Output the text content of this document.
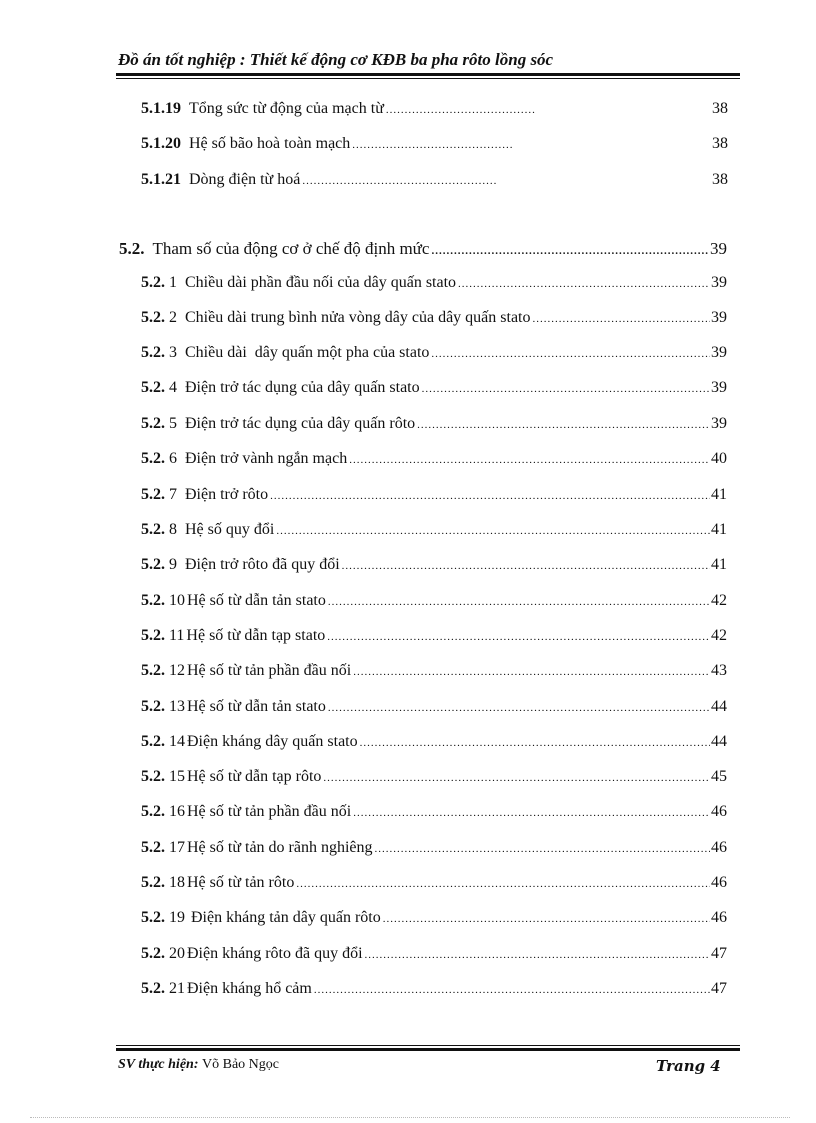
Đồ án tốt nghiệp : Thiết kế động cơ KĐB ba pha rôto lồng sóc
5.1.19 Tổng sức từ động của mạch từ .....	38
5.1.20 Hệ số bão hoà toàn mạch .....	38
5.1.21 Dòng điện từ hoá .....	38
5.2. Tham số của động cơ ở chế độ định mức .....	39
5.2. 1 Chiều dài phần đầu nối của dây quấn stato .....	39
5.2. 2 Chiều dài trung bình nửa vòng dây của dây quấn stato .....	39
5.2. 3 Chiều dài  dây quấn một pha của stato .....	39
5.2. 4 Điện trở tác dụng của dây quấn stato .....	39
5.2. 5 Điện trở tác dụng của dây quấn rôto .....	39
5.2. 6 Điện trở vành ngắn mạch .....	40
5.2. 7 Điện trở rôto .....	41
5.2. 8 Hệ số quy đổi .....	41
5.2. 9 Điện trở rôto đã quy đổi .....	41
5.2. 10 Hệ số từ dẫn tản stato .....	42
5.2. 11 Hệ số từ dẫn tạp stato .....	42
5.2. 12 Hệ số từ tản phần đầu nối .....	43
5.2. 13 Hệ số từ dẫn tản stato .....	44
5.2. 14 Điện kháng dây quấn stato .....	44
5.2. 15 Hệ số từ dẫn tạp rôto .....	45
5.2. 16 Hệ số từ tản phần đầu nối .....	46
5.2. 17 Hệ số từ tản do rãnh nghiêng .....	46
5.2. 18 Hệ số từ tản rôto .....	46
5.2. 19 Điện kháng tản dây quấn rôto .....	46
5.2. 20 Điện kháng rôto đã quy đổi .....	47
5.2. 21 Điện kháng hổ cảm .....	47
SV thực hiện: Võ Bảo Ngọc	Trang 4
